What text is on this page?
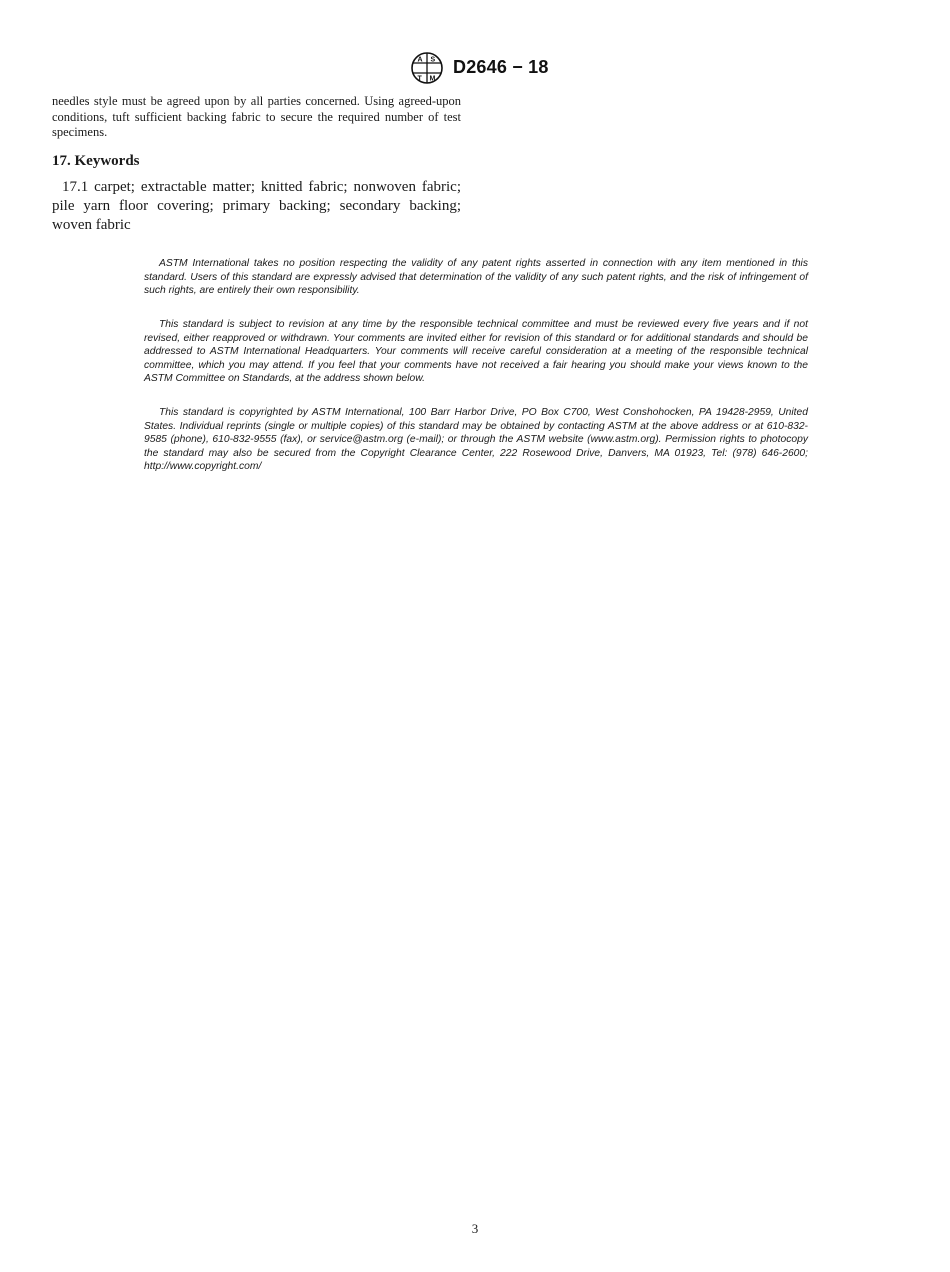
A S
T M
D2646 − 18

needles style must be agreed upon by all parties concerned. Using agreed-upon conditions, tuft sufficient backing fabric to secure the required number of test specimens.

17. Keywords

17.1 carpet; extractable matter; knitted fabric; nonwoven fabric; pile yarn floor covering; primary backing; secondary backing; woven fabric

ASTM International takes no position respecting the validity of any patent rights asserted in connection with any item mentioned in this standard. Users of this standard are expressly advised that determination of the validity of any such patent rights, and the risk of infringement of such rights, are entirely their own responsibility.

This standard is subject to revision at any time by the responsible technical committee and must be reviewed every five years and if not revised, either reapproved or withdrawn. Your comments are invited either for revision of this standard or for additional standards and should be addressed to ASTM International Headquarters. Your comments will receive careful consideration at a meeting of the responsible technical committee, which you may attend. If you feel that your comments have not received a fair hearing you should make your views known to the ASTM Committee on Standards, at the address shown below.

This standard is copyrighted by ASTM International, 100 Barr Harbor Drive, PO Box C700, West Conshohocken, PA 19428-2959, United States. Individual reprints (single or multiple copies) of this standard may be obtained by contacting ASTM at the above address or at 610-832-9585 (phone), 610-832-9555 (fax), or service@astm.org (e-mail); or through the ASTM website (www.astm.org). Permission rights to photocopy the standard may also be secured from the Copyright Clearance Center, 222 Rosewood Drive, Danvers, MA 01923, Tel: (978) 646-2600; http://www.copyright.com/

3
